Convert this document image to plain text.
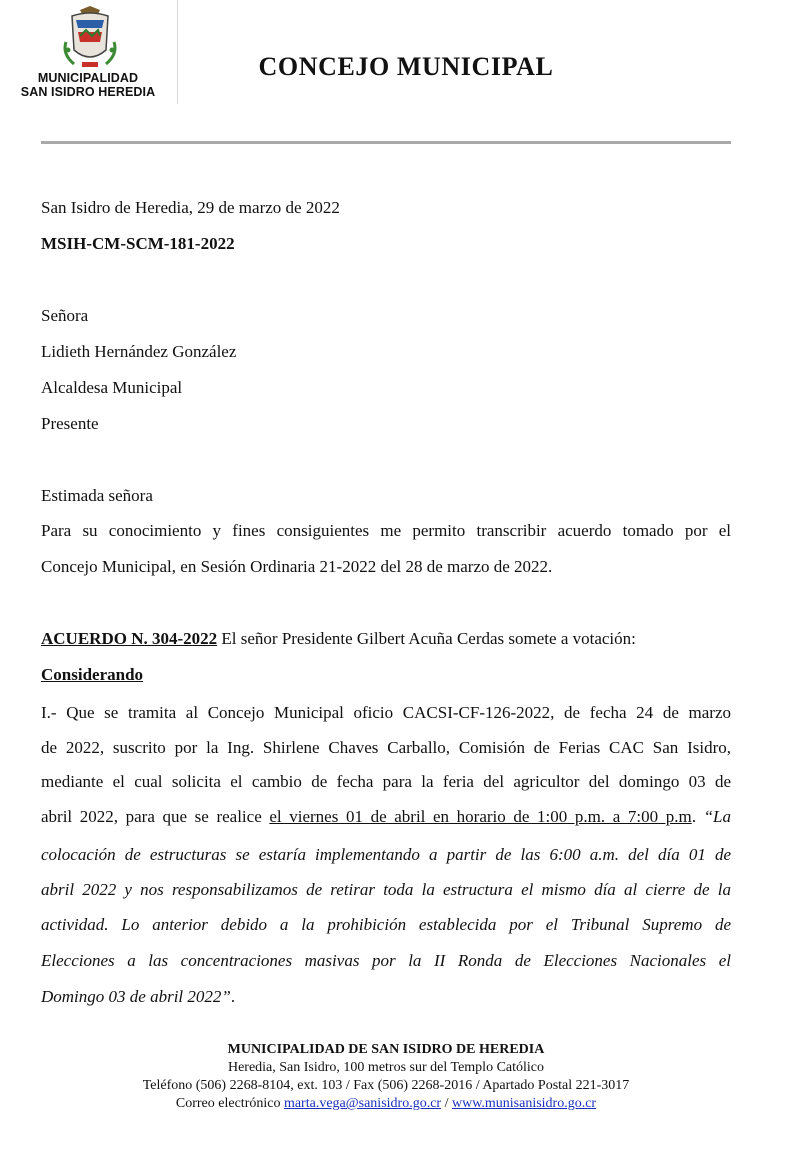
MUNICIPALIDAD
SAN ISIDRO HEREDIA
CONCEJO MUNICIPAL
San Isidro de Heredia, 29 de marzo de 2022
MSIH-CM-SCM-181-2022
Señora
Lidieth Hernández González
Alcaldesa Municipal
Presente
Estimada señora
Para su conocimiento y fines consiguientes me permito transcribir acuerdo tomado por el
Concejo Municipal, en Sesión Ordinaria 21-2022 del 28 de marzo de 2022.
ACUERDO N. 304-2022 El señor Presidente Gilbert Acuña Cerdas somete a votación:
Considerando
I.- Que se tramita al Concejo Municipal oficio CACSI-CF-126-2022, de fecha 24 de marzo
de 2022, suscrito por la Ing. Shirlene Chaves Carballo, Comisión de Ferias CAC San Isidro,
mediante el cual solicita el cambio de fecha para la feria del agricultor del domingo 03 de
abril 2022, para que se realice el viernes 01 de abril en horario de 1:00 p.m. a 7:00 p.m. “La
colocación de estructuras se estaría implementando a partir de las 6:00 a.m. del día 01 de
abril 2022 y nos responsabilizamos de retirar toda la estructura el mismo día al cierre de la
actividad. Lo anterior debido a la prohibición establecida por el Tribunal Supremo de
Elecciones a las concentraciones masivas por la II Ronda de Elecciones Nacionales el
Domingo 03 de abril 2022”.
MUNICIPALIDAD DE SAN ISIDRO DE HEREDIA
Heredia, San Isidro, 100 metros sur del Templo Católico
Teléfono (506) 2268-8104, ext. 103 / Fax (506) 2268-2016 / Apartado Postal 221-3017
Correo electrónico marta.vega@sanisidro.go.cr / www.munisanisidro.go.cr
